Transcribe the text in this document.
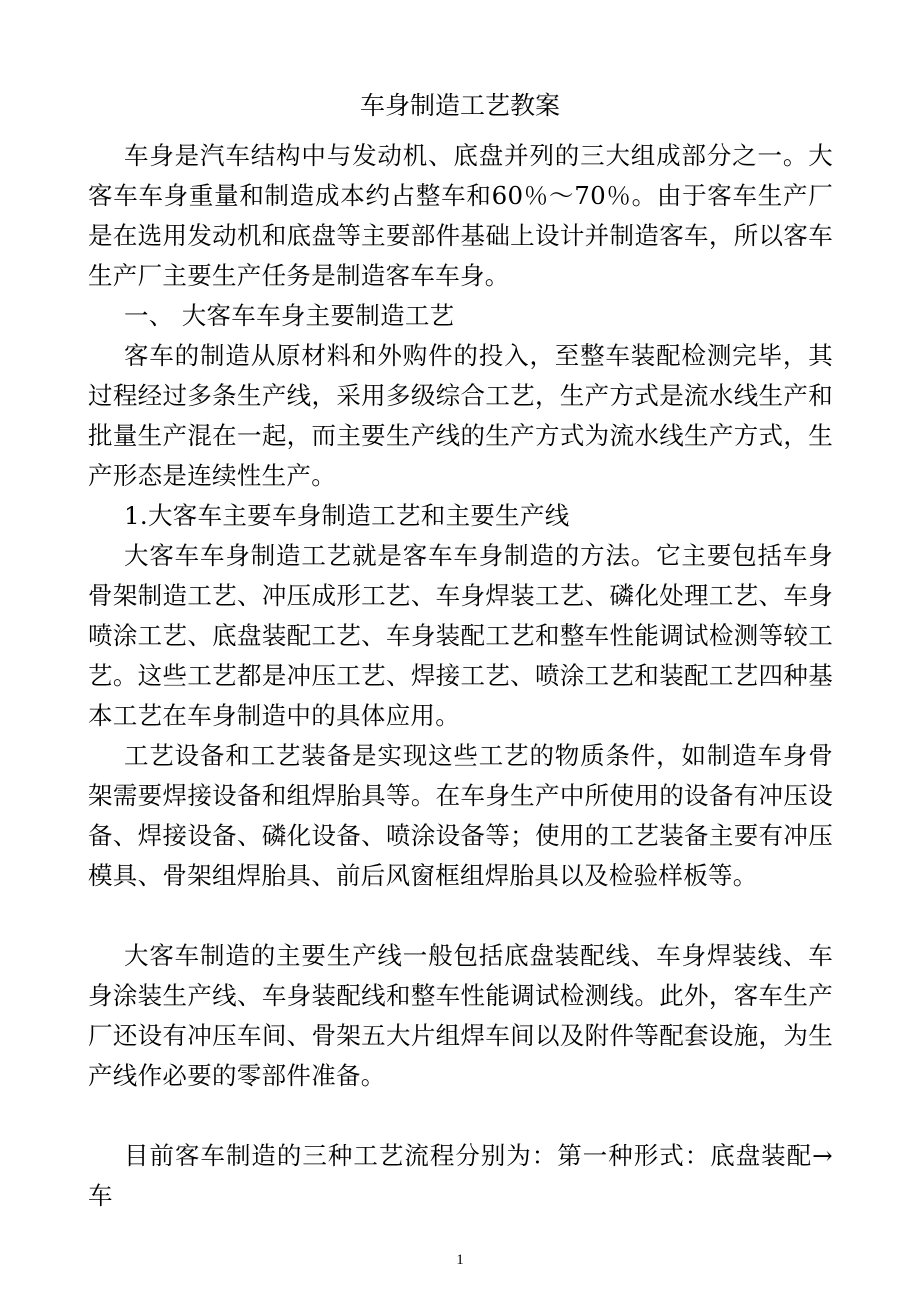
车身制造工艺教案
车身是汽车结构中与发动机、底盘并列的三大组成部分之一。大客车车身重量和制造成本约占整车和60％～70％。由于客车生产厂是在选用发动机和底盘等主要部件基础上设计并制造客车，所以客车生产厂主要生产任务是制造客车车身。
一、 大客车车身主要制造工艺
客车的制造从原材料和外购件的投入，至整车装配检测完毕，其过程经过多条生产线，采用多级综合工艺，生产方式是流水线生产和批量生产混在一起，而主要生产线的生产方式为流水线生产方式，生产形态是连续性生产。
1.大客车主要车身制造工艺和主要生产线
大客车车身制造工艺就是客车车身制造的方法。它主要包括车身骨架制造工艺、冲压成形工艺、车身焊装工艺、磷化处理工艺、车身喷涂工艺、底盘装配工艺、车身装配工艺和整车性能调试检测等较工艺。这些工艺都是冲压工艺、焊接工艺、喷涂工艺和装配工艺四种基本工艺在车身制造中的具体应用。
工艺设备和工艺装备是实现这些工艺的物质条件，如制造车身骨架需要焊接设备和组焊胎具等。在车身生产中所使用的设备有冲压设备、焊接设备、磷化设备、喷涂设备等；使用的工艺装备主要有冲压模具、骨架组焊胎具、前后风窗框组焊胎具以及检验样板等。
大客车制造的主要生产线一般包括底盘装配线、车身焊装线、车身涂装生产线、车身装配线和整车性能调试检测线。此外，客车生产厂还设有冲压车间、骨架五大片组焊车间以及附件等配套设施，为生产线作必要的零部件准备。
目前客车制造的三种工艺流程分别为：第一种形式：底盘装配→车
1
